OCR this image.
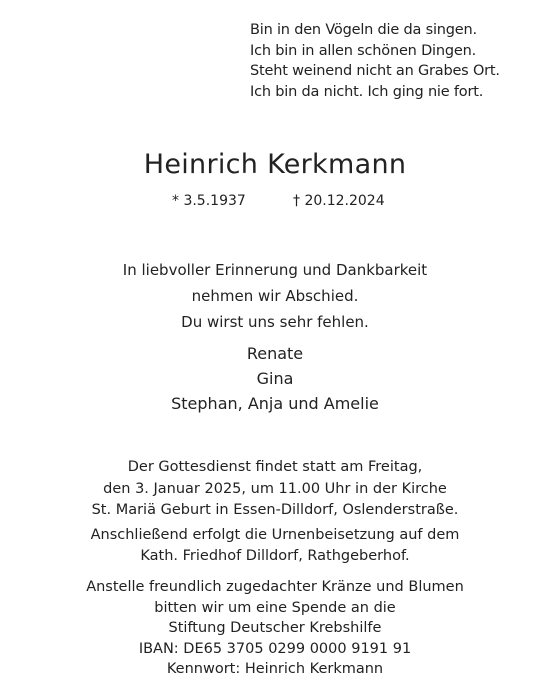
Bin in den Vögeln die da singen.
Ich bin in allen schönen Dingen.
Steht weinend nicht an Grabes Ort.
Ich bin da nicht. Ich ging nie fort.
Heinrich Kerkmann
* 3.5.1937	† 20.12.2024
In liebvoller Erinnerung und Dankbarkeit
nehmen wir Abschied.
Du wirst uns sehr fehlen.
Renate
Gina
Stephan, Anja und Amelie
Der Gottesdienst findet statt am Freitag,
den 3. Januar 2025, um 11.00 Uhr in der Kirche
St. Mariä Geburt in Essen-Dilldorf, Oslenderstraße.
Anschließend erfolgt die Urnenbeisetzung auf dem
Kath. Friedhof Dilldorf, Rathgeberhof.
Anstelle freundlich zugedachter Kränze und Blumen
bitten wir um eine Spende an die
Stiftung Deutscher Krebshilfe
IBAN: DE65 3705 0299 0000 9191 91
Kennwort: Heinrich Kerkmann
